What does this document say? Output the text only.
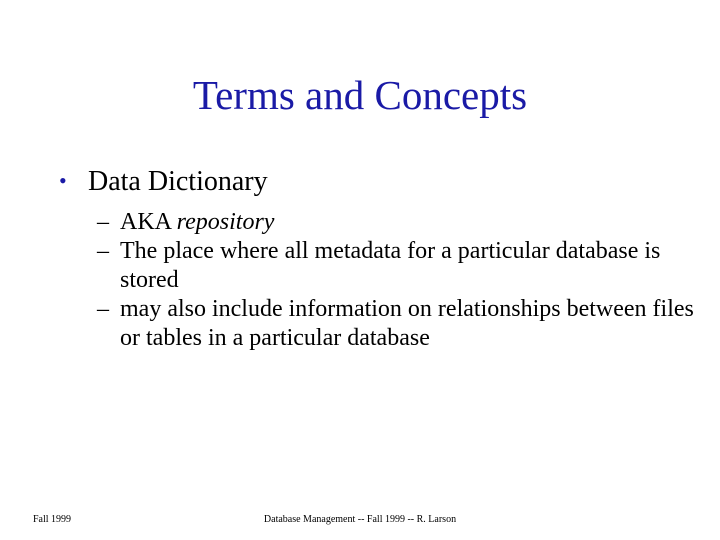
Terms and Concepts
• Data Dictionary
– AKA repository
– The place where all metadata for a particular database is stored
– may also include information on relationships between files or tables in a particular database
Fall 1999	Database Management -- Fall 1999 -- R. Larson
